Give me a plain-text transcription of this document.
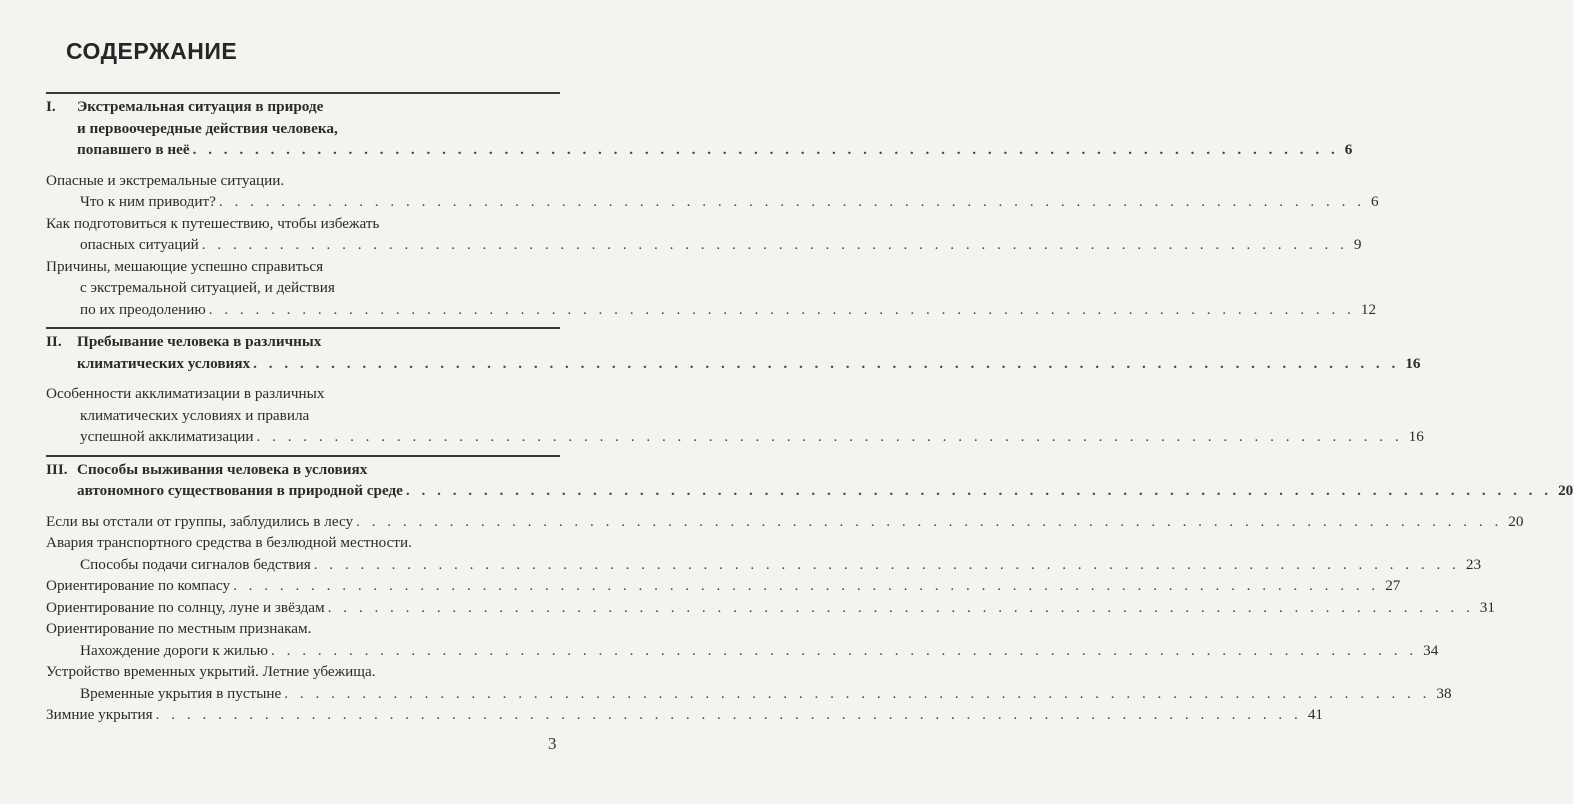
СОДЕРЖАНИЕ
I. Экстремальная ситуация в природе
и первоочередные действия человека,
попавшего в неё . . .	6
Опасные и экстремальные ситуации.
Что к ним приводит? . . .	6
Как подготовиться к путешествию, чтобы избежать
опасных ситуаций . . .	9
Причины, мешающие успешно справиться
с экстремальной ситуацией, и действия
по их преодолению . . .	12
II. Пребывание человека в различных
климатических условиях . . .	16
Особенности акклиматизации в различных
климатических условиях и правила
успешной акклиматизации . . .	16
III. Способы выживания человека в условиях
автономного существования в природной среде . . .	20
Если вы отстали от группы, заблудились в лесу . . .	20
Авария транспортного средства в безлюдной местности.
Способы подачи сигналов бедствия . . .	23
Ориентирование по компасу . . .	27
Ориентирование по солнцу, луне и звёздам . . .	31
Ориентирование по местным признакам.
Нахождение дороги к жилью . . .	34
Устройство временных укрытий. Летние убежища.
Временные укрытия в пустыне . . .	38
Зимние укрытия . . .	41
3
